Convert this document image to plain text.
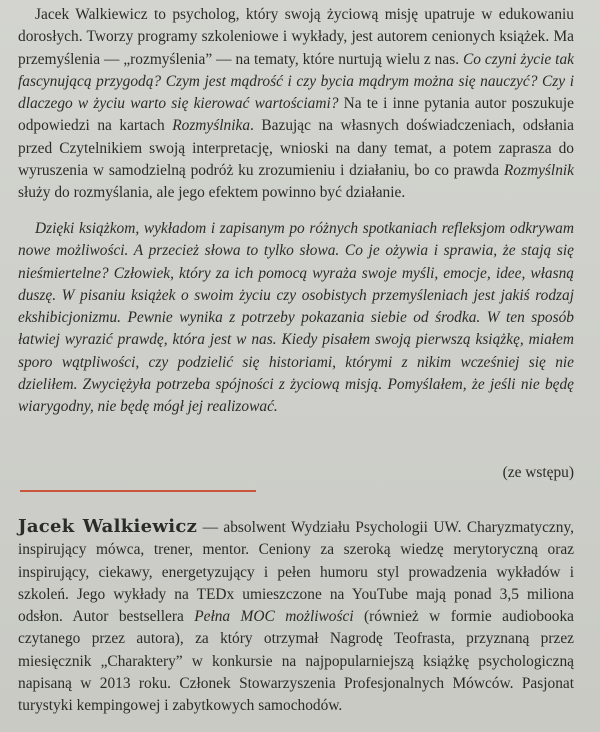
Jacek Walkiewicz to psycholog, który swoją życiową misję upatruje w edukowaniu dorosłych. Tworzy programy szkoleniowe i wykłady, jest autorem cenionych książek. Ma przemyślenia — „rozmyślenia” — na tematy, które nurtują wielu z nas. Co czyni życie tak fascynującą przygodą? Czym jest mądrość i czy bycia mądrym można się nauczyć? Czy i dlaczego w życiu warto się kierować wartościami? Na te i inne pytania autor poszukuje odpowiedzi na kartach Rozmyślnika. Bazując na własnych doświadczeniach, odsłania przed Czytelnikiem swoją interpretację, wnioski na dany temat, a potem zaprasza do wyruszenia w samodzielną podróż ku zrozumieniu i działaniu, bo co prawda Rozmyślnik służy do rozmyślania, ale jego efektem powinno być działanie.

Dzięki książkom, wykładom i zapisanym po różnych spotkaniach refleksjom odkrywam nowe możliwości. A przecież słowa to tylko słowa. Co je ożywia i sprawia, że stają się nieśmiertelne? Człowiek, który za ich pomocą wyraża swoje myśli, emocje, idee, własną duszę. W pisaniu książek o swoim życiu czy osobistych przemyśleniach jest jakiś rodzaj ekshibicjonizmu. Pewnie wynika z potrzeby pokazania siebie od środka. W ten sposób łatwiej wyrazić prawdę, która jest w nas. Kiedy pisałem swoją pierwszą książkę, miałem sporo wątpliwości, czy podzielić się historiami, którymi z nikim wcześniej się nie dzieliłem. Zwyciężyła potrzeba spójności z życiową misją. Pomyślałem, że jeśli nie będę wiarygodny, nie będę mógł jej realizować.

(ze wstępu)

Jacek Walkiewicz — absolwent Wydziału Psychologii UW. Charyzmatyczny, inspirujący mówca, trener, mentor. Ceniony za szeroką wiedzę merytoryczną oraz inspirujący, ciekawy, energetyzujący i pełen humoru styl prowadzenia wykładów i szkoleń. Jego wykłady na TEDx umieszczone na YouTube mają ponad 3,5 miliona odsłon. Autor bestsellera Pełna MOC możliwości (również w formie audiobooka czytanego przez autora), za który otrzymał Nagrodę Teofrasta, przyznaną przez miesięcznik „Charaktery” w konkursie na najpopularniejszą książkę psychologiczną napisaną w 2013 roku. Członek Stowarzyszenia Profesjonalnych Mówców. Pasjonat turystyki kempingowej i zabytkowych samochodów.
